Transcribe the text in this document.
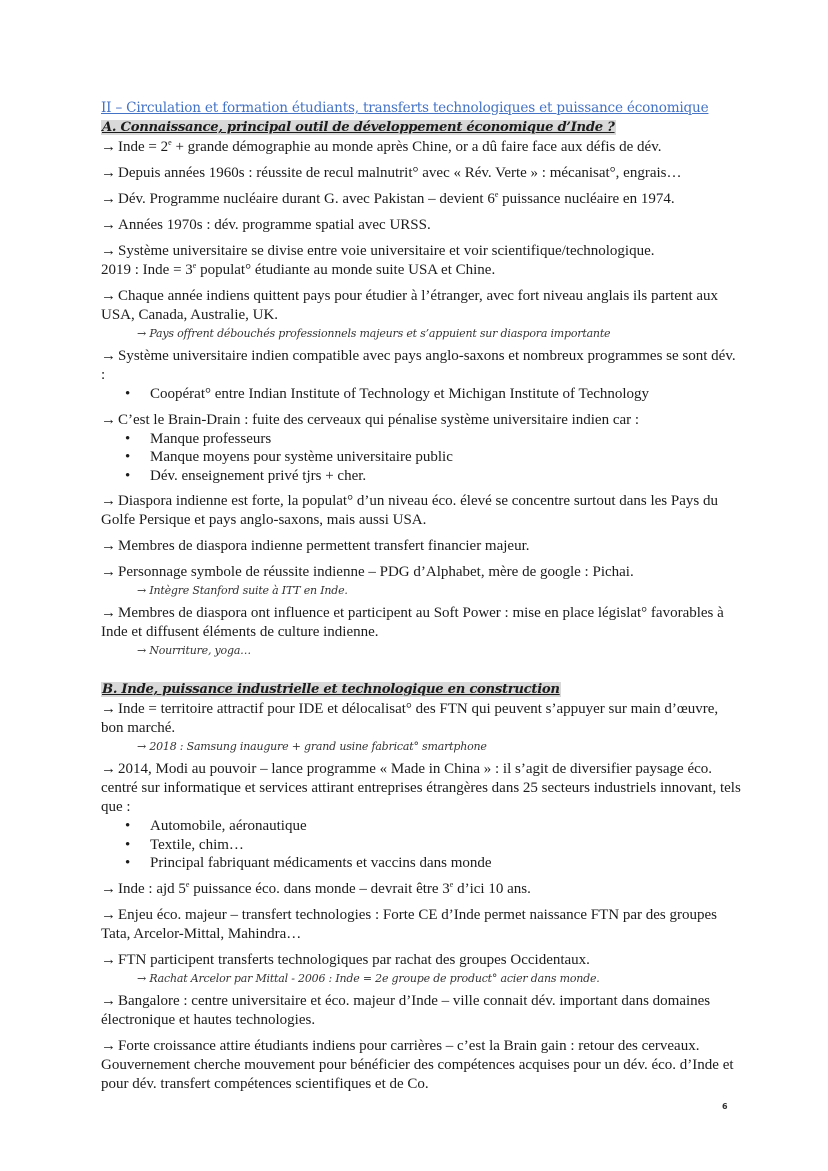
II – Circulation et formation étudiants, transferts technologiques et puissance économique
A. Connaissance, principal outil de développement économique d’Inde ?

→ Inde = $2^e$ + grande démographie au monde après Chine, or a dû faire face aux défis de dév.

→ Depuis années 1960s : réussite de recul malnutrit° avec « Rév. Verte » : mécanisat°, engrais…

→ Dév. Programme nucléaire durant G. avec Pakistan – devient 6e puissance nucléaire en 1974.

→ Années 1970s : dév. programme spatial avec URSS.

→ Système universitaire se divise entre voie universitaire et voir scientifique/technologique.
2019 : Inde = $3^e$ populat° étudiante au monde suite USA et Chine.

→ Chaque année indiens quittent pays pour étudier à l’étranger, avec fort niveau anglais ils partent aux USA, Canada, Australie, UK.

→ Pays offrent débouchés professionnels majeurs et s’appuient sur diaspora importante

→ Système universitaire indien compatible avec pays anglo-saxons et nombreux programmes se sont dév. :

• Coopérat° entre Indian Institute of Technology et Michigan Institute of Technology

→ C’est le Brain-Drain : fuite des cerveaux qui pénalise système universitaire indien car :

• Manque professeurs
• Manque moyens pour système universitaire public
• Dév. enseignement privé tjrs + cher.

→ Diaspora indienne est forte, la populat° d’un niveau éco. élevé se concentre surtout dans les Pays du Golfe Persique et pays anglo-saxons, mais aussi USA.

→ Membres de diaspora indienne permettent transfert financier majeur.

→ Personnage symbole de réussite indienne – PDG d’Alphabet, mère de google : Pichai.

→ Intègre Stanford suite à ITT en Inde.

→ Membres de diaspora ont influence et participent au Soft Power : mise en place législat° favorables à Inde et diffusent éléments de culture indienne.

→ Nourriture, yoga…
B. Inde, puissance industrielle et technologique en construction

→ Inde = territoire attractif pour IDE et délocalisat° des FTN qui peuvent s’appuyer sur main d’œuvre, bon marché.

→ 2018 : Samsung inaugure + grand usine fabricat° smartphone

→ 2014, Modi au pouvoir – lance programme « Made in China » : il s’agit de diversifier paysage éco. centré sur informatique et services attirant entreprises étrangères dans 25 secteurs industriels innovant, tels que :

• Automobile, aéronautique
• Textile, chim…
• Principal fabriquant médicaments et vaccins dans monde

→ Inde : ajd 5e puissance éco. dans monde – devrait être 3e d’ici 10 ans.

→ Enjeu éco. majeur – transfert technologies : Forte CE d’Inde permet naissance FTN par des groupes Tata, Arcelor-Mittal, Mahindra…

→ FTN participent transferts technologiques par rachat des groupes Occidentaux.

→ Rachat Arcelor par Mittal - 2006 : Inde = 2e groupe de product° acier dans monde.

→ Bangalore : centre universitaire et éco. majeur d’Inde – ville connait dév. important dans domaines électronique et hautes technologies.

→ Forte croissance attire étudiants indiens pour carrières – c’est la Brain gain : retour des cerveaux. Gouvernement cherche mouvement pour bénéficier des compétences acquises pour un dév. éco. d’Inde et pour dév. transfert compétences scientifiques et de Co.

6
